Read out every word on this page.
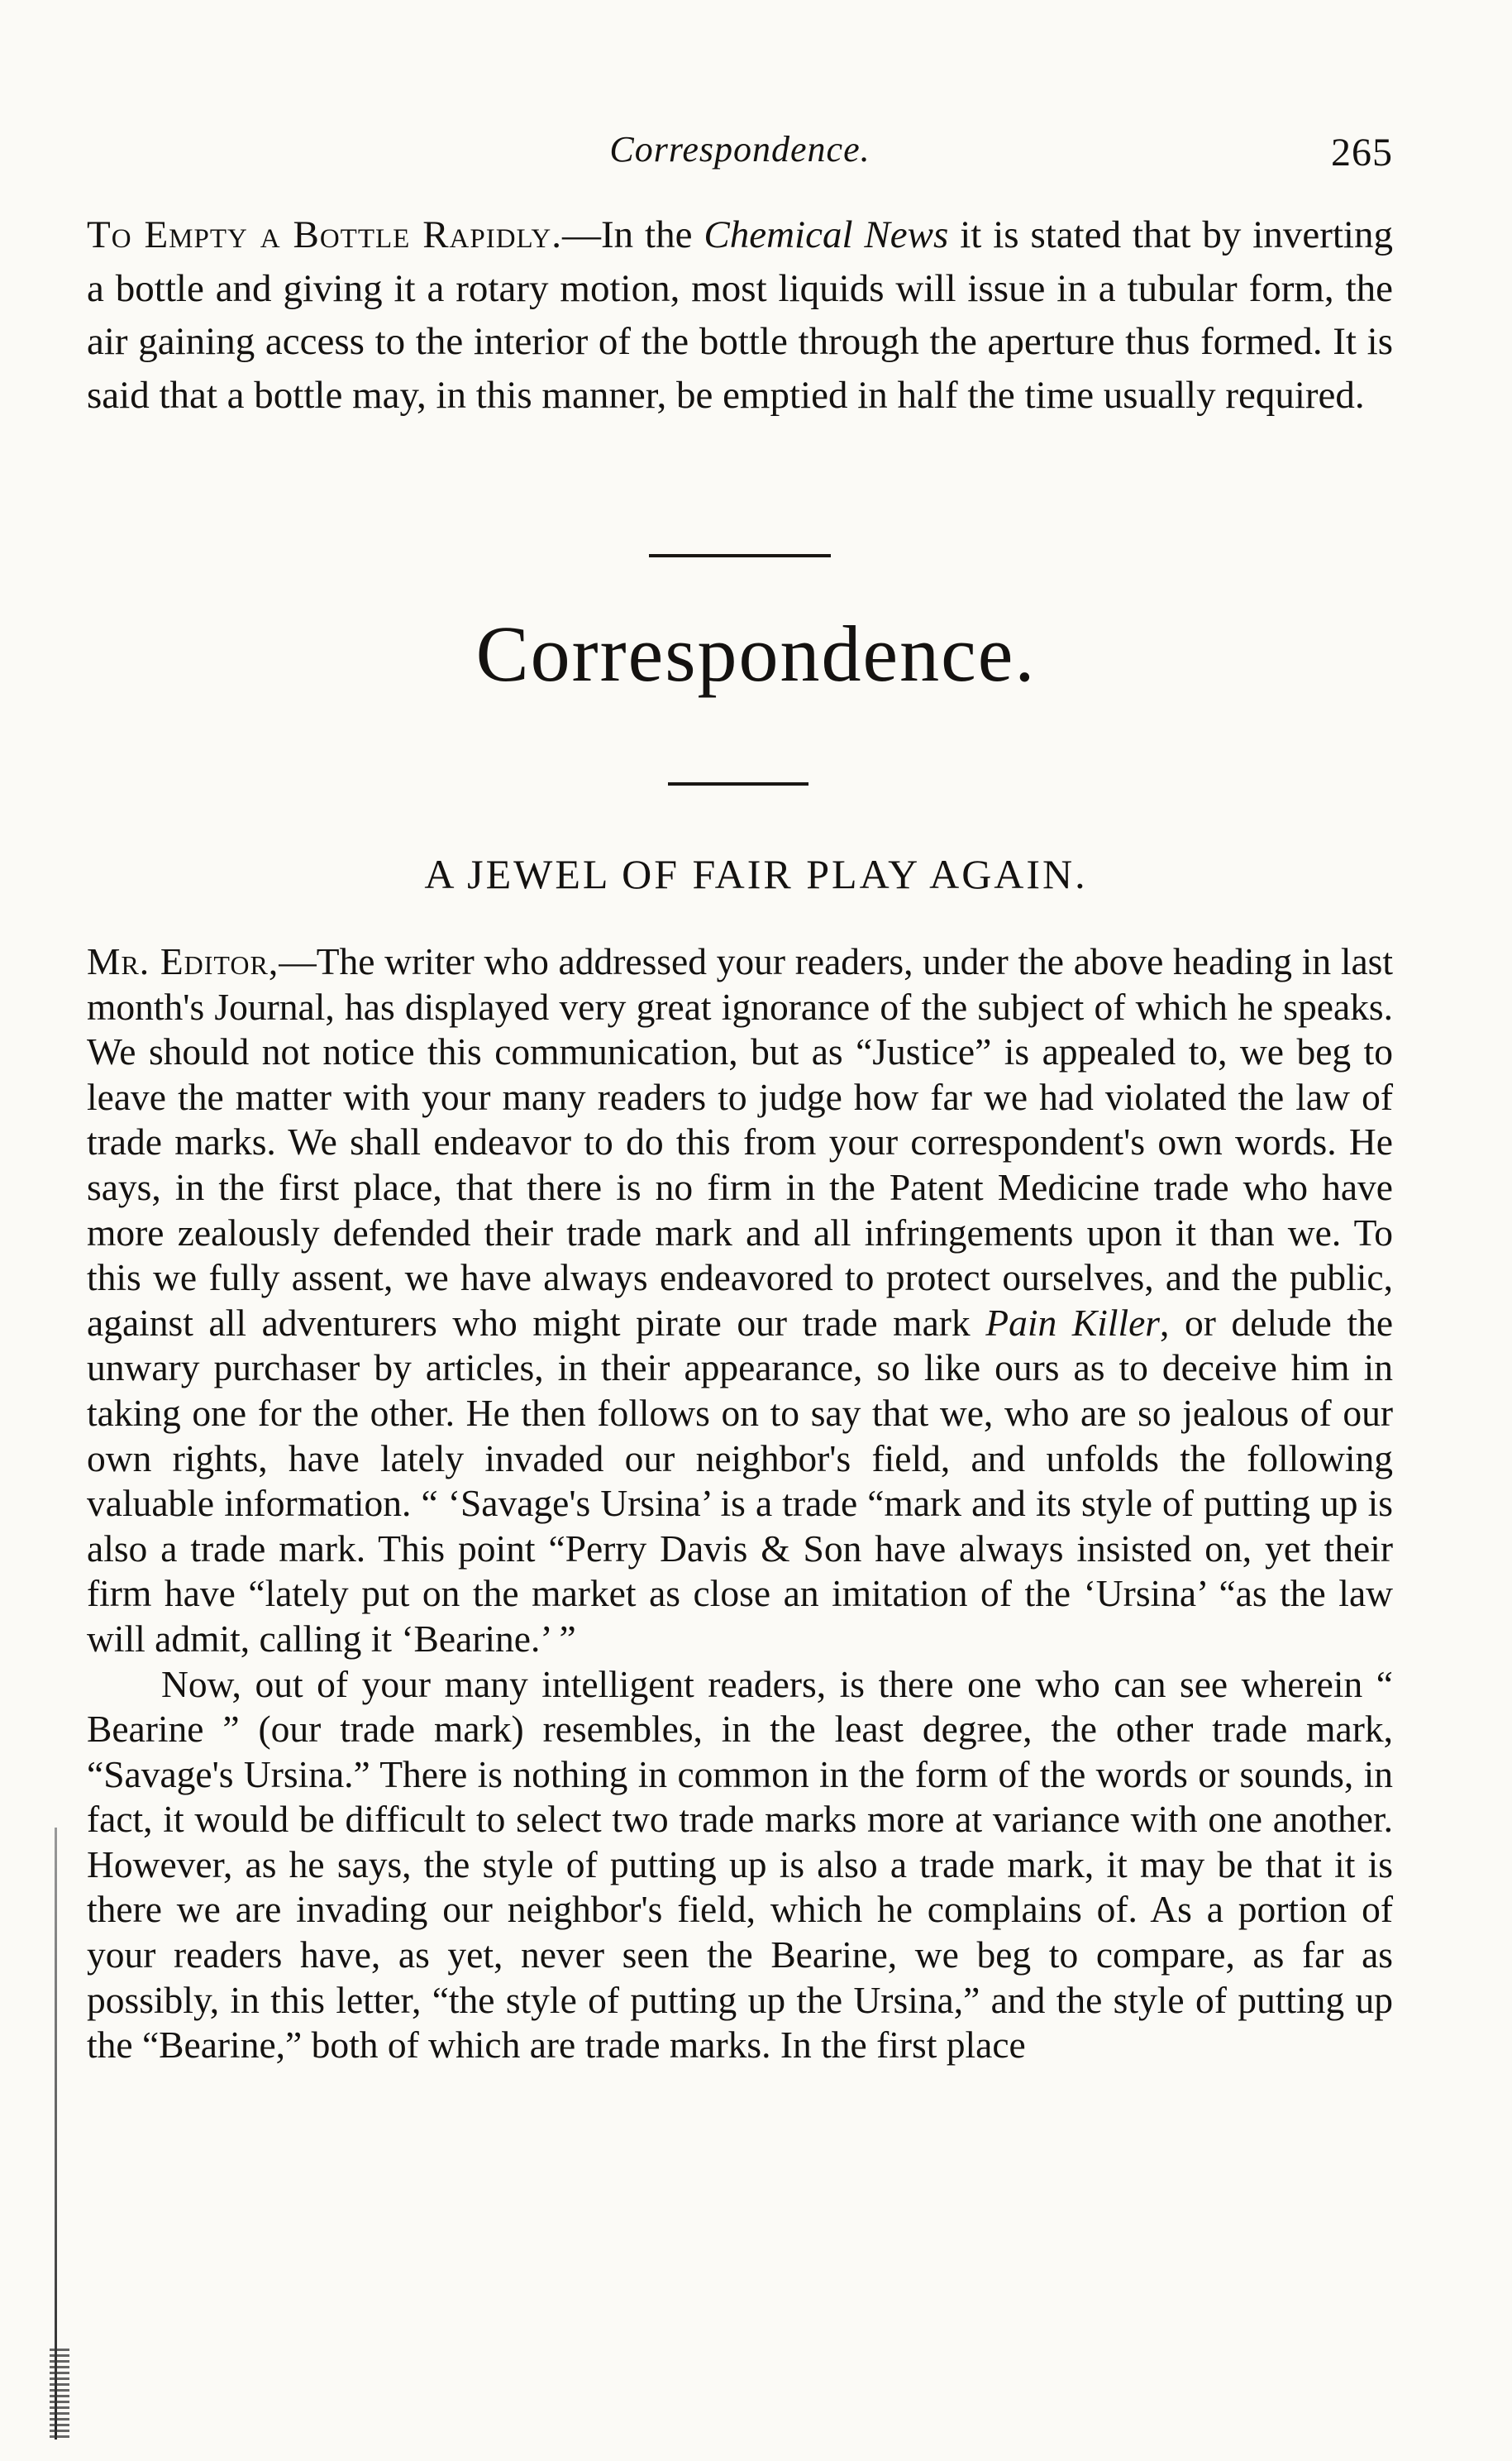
Correspondence.	265

To Empty a Bottle Rapidly.—In the Chemical News it is stated that by inverting a bottle and giving it a rotary motion, most liquids will issue in a tubular form, the air gaining access to the interior of the bottle through the aperture thus formed. It is said that a bottle may, in this manner, be emptied in half the time usually required.

Correspondence.
A JEWEL OF FAIR PLAY AGAIN.

Mr. Editor,—The writer who addressed your readers, under the above heading in last month's Journal, has displayed very great ignorance of the subject of which he speaks. We should not notice this communication, but as “Justice” is appealed to, we beg to leave the matter with your many readers to judge how far we had violated the law of trade marks. We shall endeavor to do this from your correspondent's own words. He says, in the first place, that there is no firm in the Patent Medicine trade who have more zealously defended their trade mark and all infringements upon it than we. To this we fully assent, we have always endeavored to protect ourselves, and the public, against all adventurers who might pirate our trade mark Pain Killer, or delude the unwary purchaser by articles, in their appearance, so like ours as to deceive him in taking one for the other. He then follows on to say that we, who are so jealous of our own rights, have lately invaded our neighbor's field, and unfolds the following valuable information. “ ‘Savage's Ursina’ is a trade “mark and its style of putting up is also a trade mark. This point “Perry Davis & Son have always insisted on, yet their firm have “lately put on the market as close an imitation of the ‘Ursina’ “as the law will admit, calling it ‘Bearine.’ ”

Now, out of your many intelligent readers, is there one who can see wherein “ Bearine ” (our trade mark) resembles, in the least degree, the other trade mark, “Savage's Ursina.” There is nothing in common in the form of the words or sounds, in fact, it would be difficult to select two trade marks more at variance with one another. However, as he says, the style of putting up is also a trade mark, it may be that it is there we are invading our neighbor's field, which he complains of. As a portion of your readers have, as yet, never seen the Bearine, we beg to compare, as far as possibly, in this letter, “the style of putting up the Ursina,” and the style of putting up the “Bearine,” both of which are trade marks. In the first place
